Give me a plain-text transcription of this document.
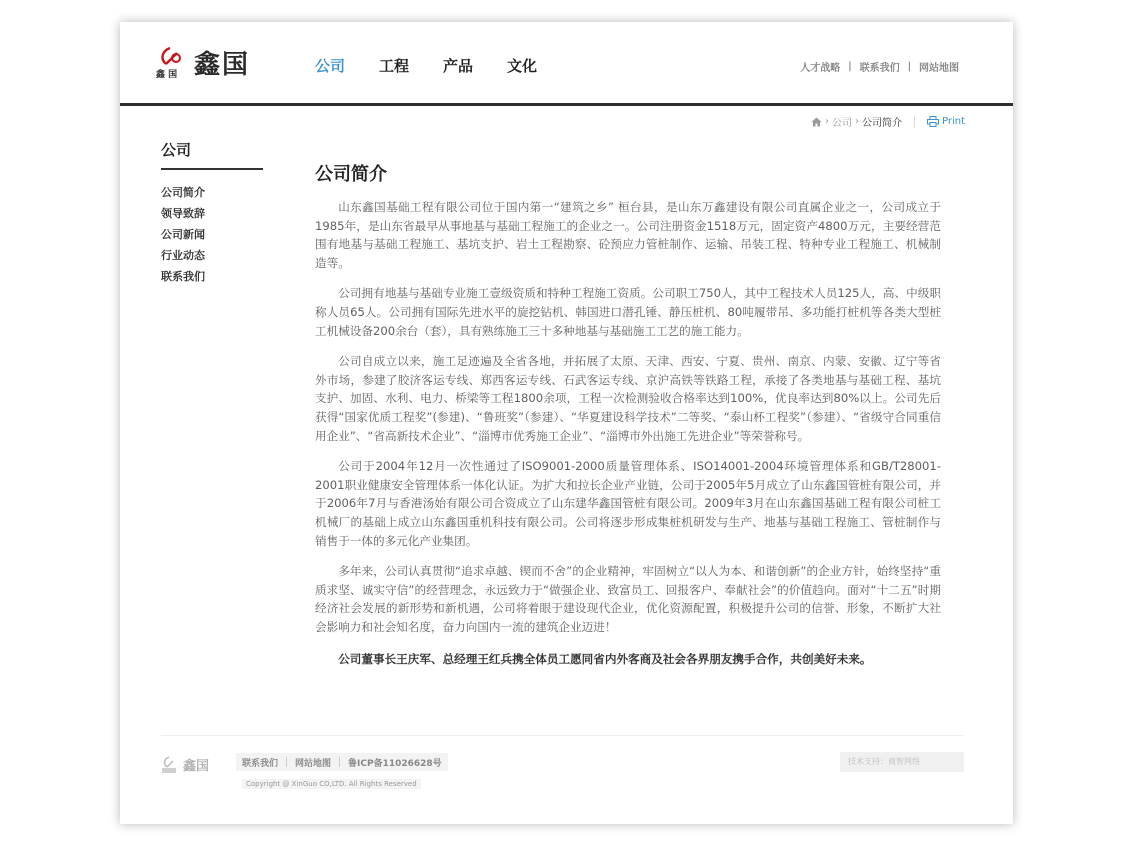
鑫 国 鑫国	公司 工程 产品 文化	人才战略 | 联系我们 | 网站地图
› 公司 › 公司简介	Print
公司
公司简介
领导致辞
公司新闻
行业动态
联系我们
公司简介

山东鑫国基础工程有限公司位于国内第一“建筑之乡” 桓台县，是山东万鑫建设有限公司直属企业之一，公司成立于1985年，是山东省最早从事地基与基础工程施工的企业之一。公司注册资金1518万元，固定资产4800万元，主要经营范围有地基与基础工程施工、基坑支护、岩土工程勘察、砼预应力管桩制作、运输、吊装工程、特种专业工程施工、机械制造等。

公司拥有地基与基础专业施工壹级资质和特种工程施工资质。公司职工750人，其中工程技术人员125人，高、中级职称人员65人。公司拥有国际先进水平的旋挖钻机、韩国进口潜孔锤、静压桩机、80吨履带吊、多功能打桩机等各类大型桩工机械设备200余台（套），具有熟练施工三十多种地基与基础施工工艺的施工能力。

公司自成立以来，施工足迹遍及全省各地，并拓展了太原、天津、西安、宁夏、贵州、南京、内蒙、安徽、辽宁等省外市场，参建了胶济客运专线、郑西客运专线、石武客运专线、京沪高铁等铁路工程，承接了各类地基与基础工程、基坑支护、加固、水利、电力、桥梁等工程1800余项，工程一次检测验收合格率达到100%，优良率达到80%以上。公司先后获得“国家优质工程奖”(参建)、“鲁班奖”（参建）、“华夏建设科学技术”二等奖、“泰山杯工程奖”（参建）、“省级守合同重信用企业”、“省高新技术企业”、“淄博市优秀施工企业”、“淄博市外出施工先进企业”等荣誉称号。

公司于2004年12月一次性通过了ISO9001-2000质量管理体系、ISO14001-2004环境管理体系和GB/T28001-2001职业健康安全管理体系一体化认证。为扩大和拉长企业产业链，公司于2005年5月成立了山东鑫国管桩有限公司，并于2006年7月与香港汤始有限公司合资成立了山东建华鑫国管桩有限公司。2009年3月在山东鑫国基础工程有限公司桩工机械厂的基础上成立山东鑫国重机科技有限公司。公司将逐步形成集桩机研发与生产、地基与基础工程施工、管桩制作与销售于一体的多元化产业集团。

多年来，公司认真贯彻“追求卓越、锲而不舍”的企业精神，牢固树立“以人为本、和谐创新”的企业方针，始终坚持“重质求坚、诚实守信”的经营理念，永远致力于“做强企业、致富员工、回报客户、奉献社会”的价值趋向。面对“十二五”时期经济社会发展的新形势和新机遇，公司将着眼于建设现代企业，优化资源配置，积极提升公司的信誉、形象，不断扩大社会影响力和社会知名度，奋力向国内一流的建筑企业迈进！

公司董事长王庆军、总经理王红兵携全体员工愿同省内外客商及社会各界朋友携手合作，共创美好未来。

鑫国	联系我们 网站地图 鲁ICP备11026628号
Copyright @ XinGuo CO,LTD. All Rights Reserved
技术支持：商智网络
